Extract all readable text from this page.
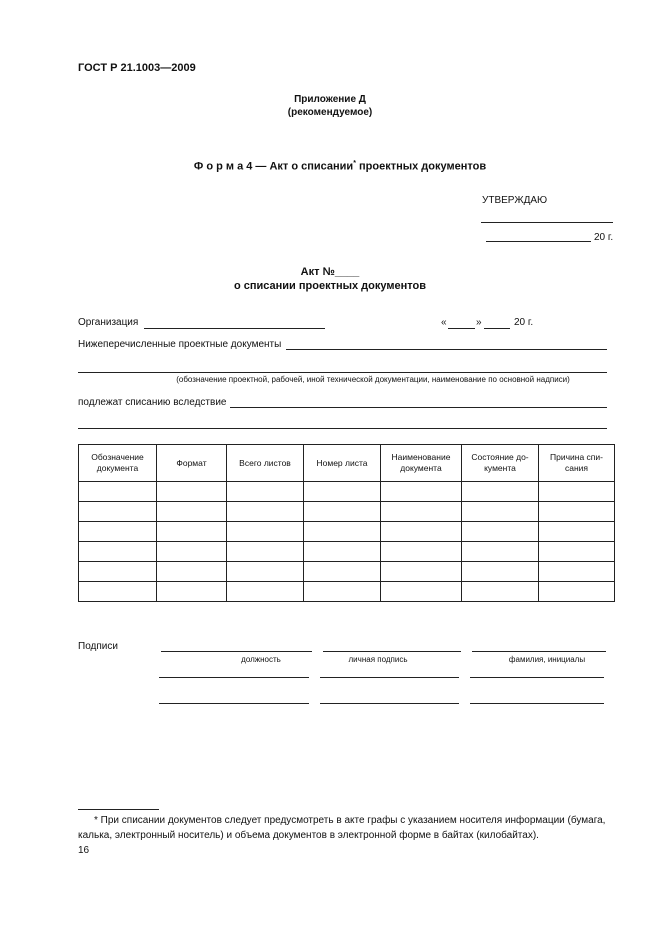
ГОСТ Р 21.1003—2009
Приложение Д
(рекомендуемое)
Ф о р м а 4 — Акт о списании* проектных документов
УТВЕРЖДАЮ
20 г.
Акт №____
о списании проектных документов
Организация	«	»	20 г.
Нижеперечисленные проектные документы
(обозначение проектной, рабочей, иной технической документации, наименование по основной надписи)
подлежат списанию вследствие
Обозначение документа	Формат	Всего листов	Номер листа	Наименование документа	Состояние до-кумента	Причина спи-сания

Подписи
должность	личная подпись	фамилия, инициалы
* При списании документов следует предусмотреть в акте графы с указанием носителя информации (бумага,
калька, электронный носитель) и объема документов в электронной форме в байтах (килобайтах).
16
